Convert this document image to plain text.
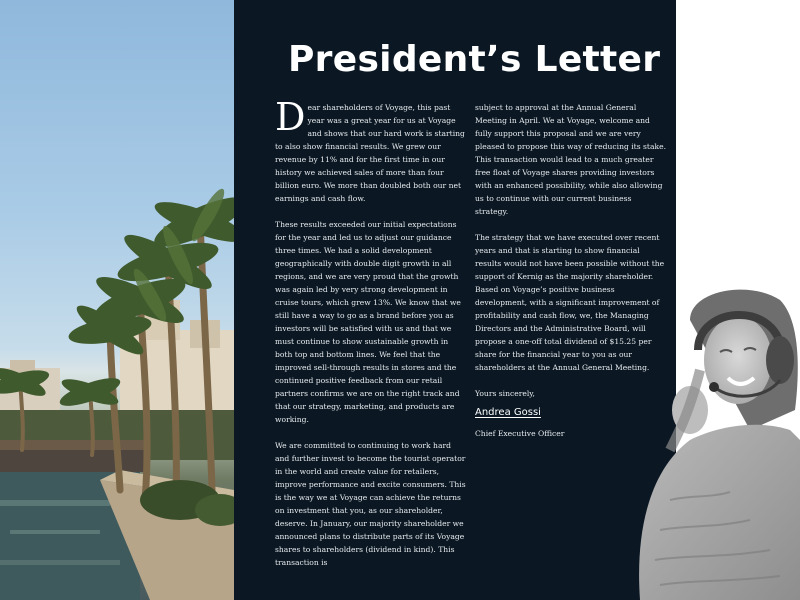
President’s Letter

Dear shareholders of Voyage, this past year was a great year for us at Voyage and shows that our hard work is starting to also show financial results. We grew our revenue by 11% and for the first time in our history we achieved sales of more than four billion euro. We more than doubled both our net earnings and cash flow.

These results exceeded our initial expectations for the year and led us to adjust our guidance three times. We had a solid development geographically with double digit growth in all regions, and we are very proud that the growth was again led by very strong development in cruise tours, which grew 13%. We know that we still have a way to go as a brand before you as investors will be satisfied with us and that we must continue to show sustainable growth in both top and bottom lines. We feel that the improved sell-through results in stores and the continued positive feedback from our retail partners confirms we are on the right track and that our strategy, marketing, and products are working.

We are committed to continuing to work hard and further invest to become the tourist operator in the world and create value for retailers, improve performance and excite consumers. This is the way we at Voyage can achieve the returns on investment that you, as our shareholder, deserve. In January, our majority shareholder we announced plans to distribute parts of its Voyage shares to shareholders (dividend in kind). This transaction is

subject to approval at the Annual General Meeting in April. We at Voyage, welcome and fully support this proposal and we are very pleased to propose this way of reducing its stake. This transaction would lead to a much greater free float of Voyage shares providing investors with an enhanced possibility, while also allowing us to continue with our current business strategy.

The strategy that we have executed over recent years and that is starting to show financial results would not have been possible without the support of Kernig as the majority shareholder. Based on Voyage’s positive business development, with a significant improvement of profitability and cash flow, we, the Managing Directors and the Administrative Board, will propose a one-off total dividend of $15.25 per share for the financial year to you as our shareholders at the Annual General Meeting.

Yours sincerely,

Andrea Gossi

Chief Executive Officer
